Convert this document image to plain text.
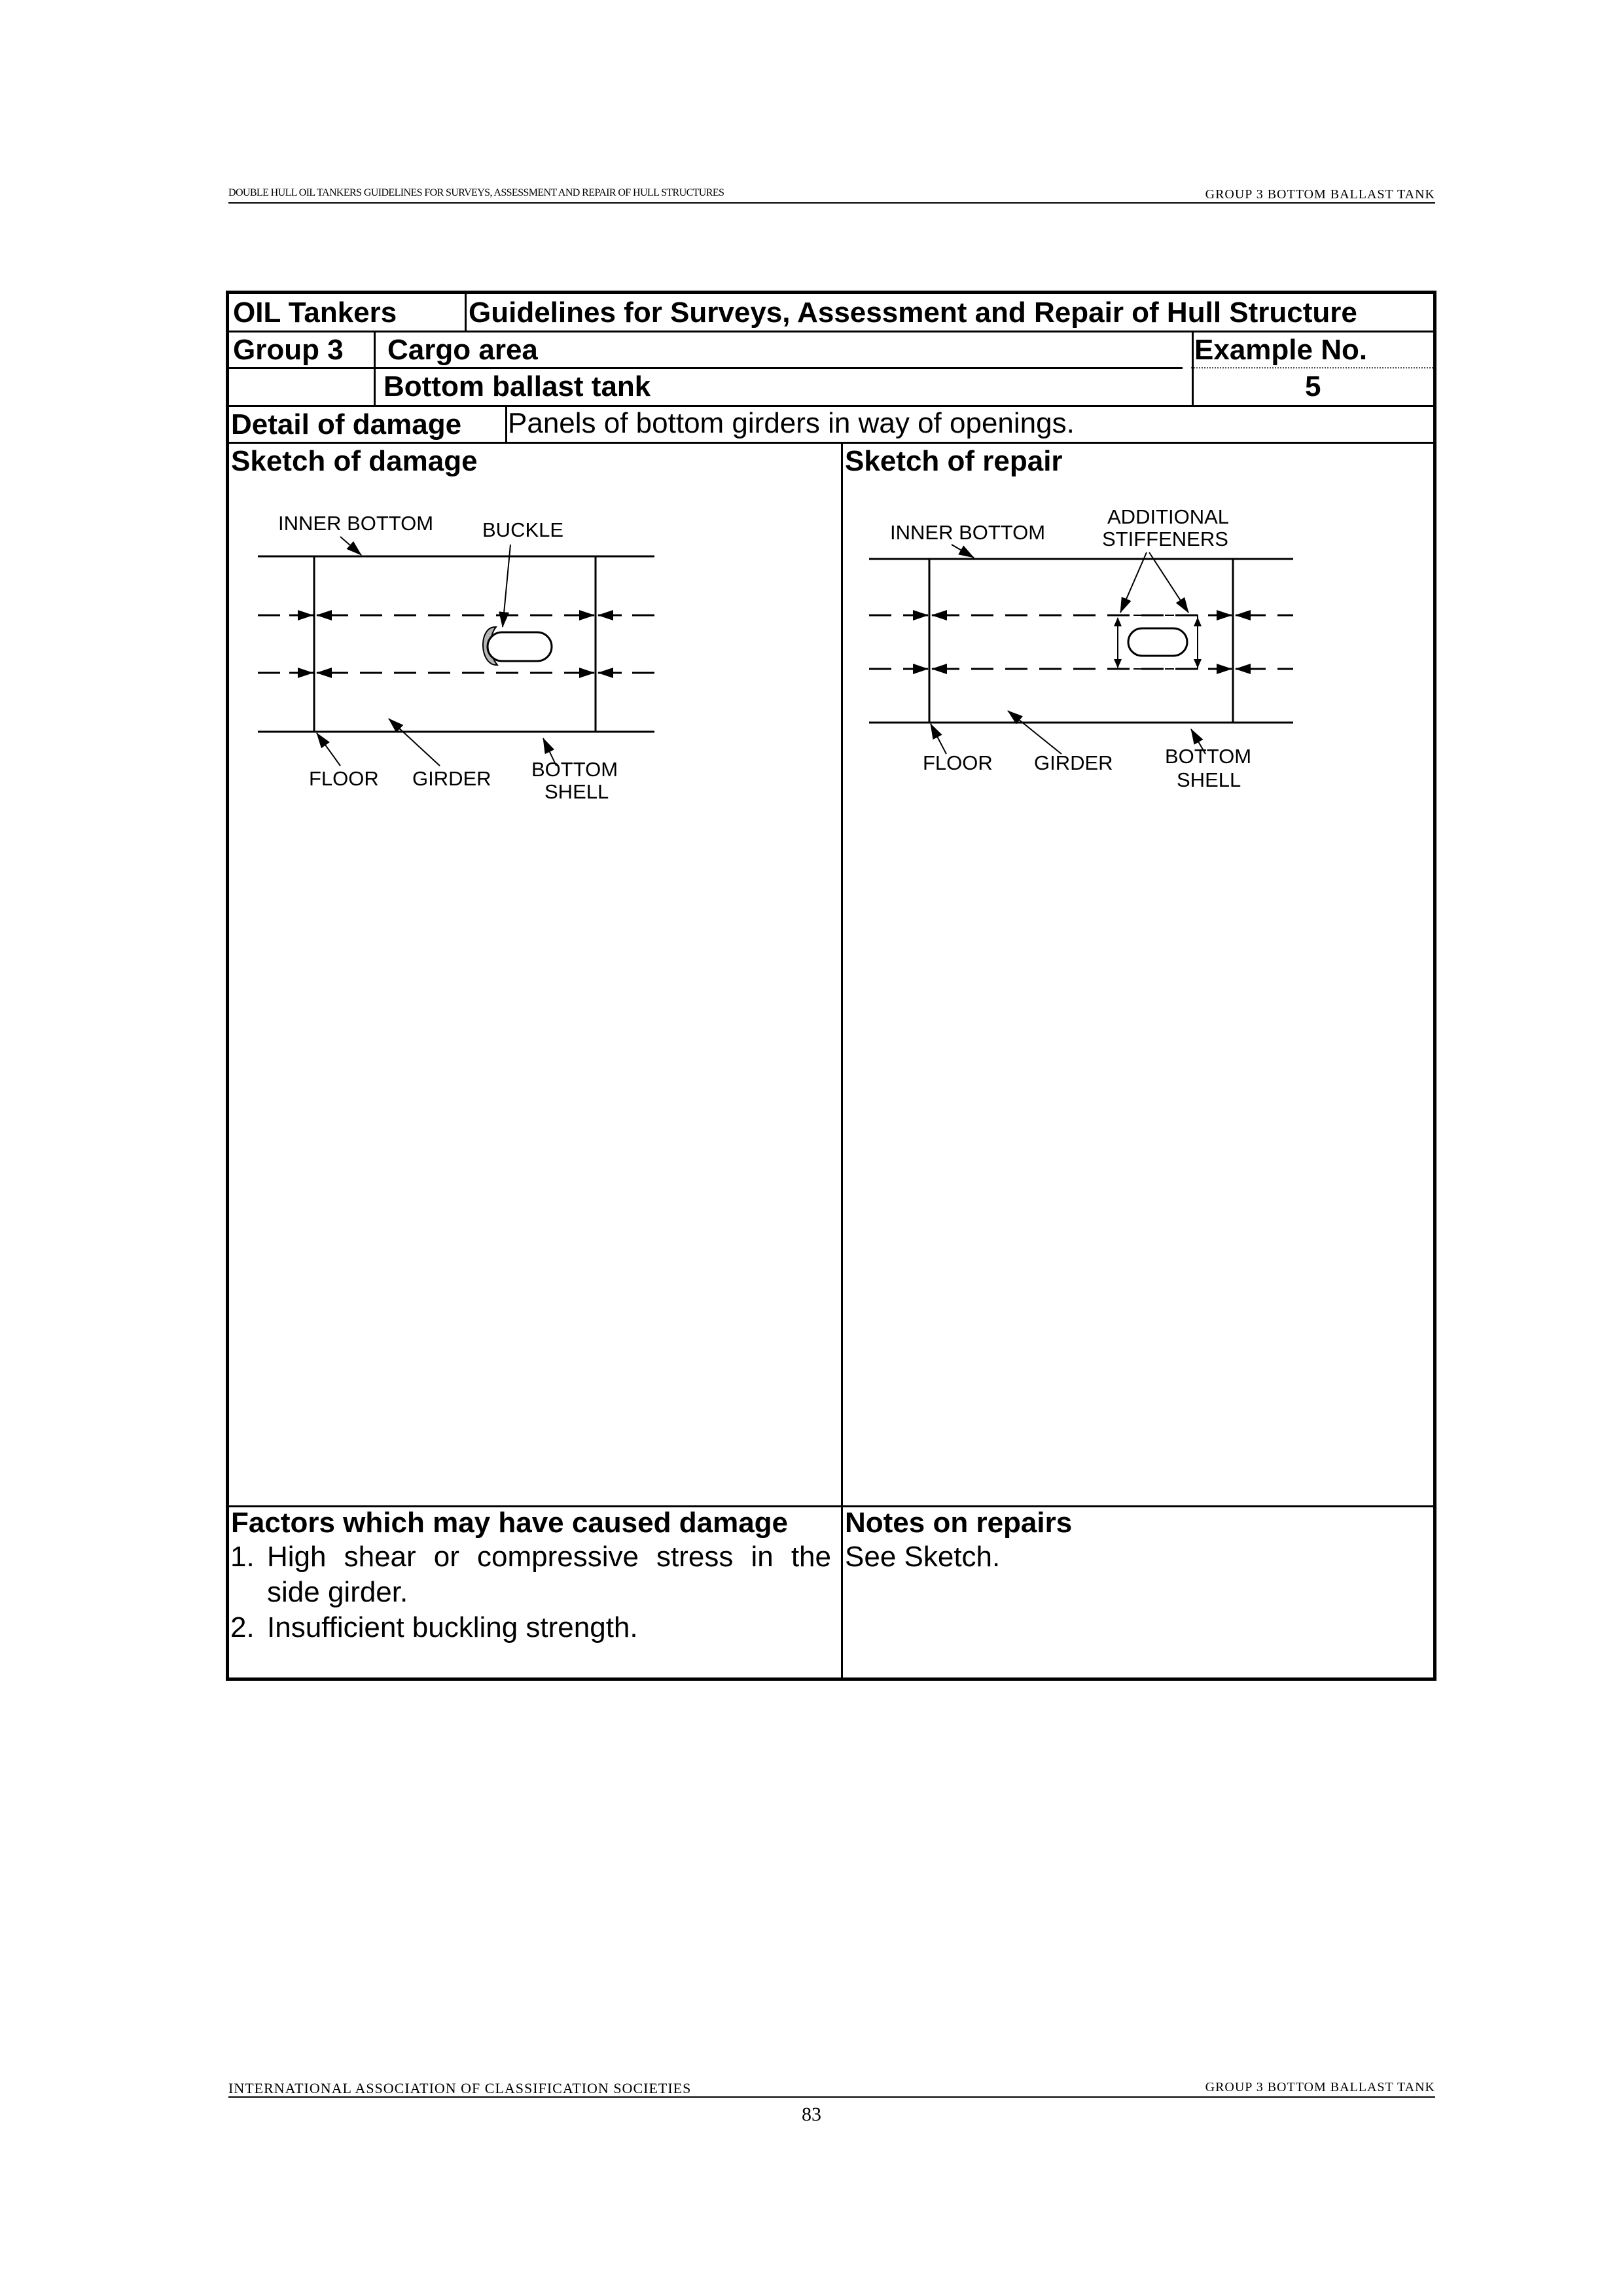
DOUBLE HULL OIL TANKERS GUIDELINES FOR SURVEYS, ASSESSMENT AND REPAIR OF HULL STRUCTURES	GROUP 3 BOTTOM BALLAST TANK
OIL Tankers Guidelines for Surveys, Assessment and Repair of Hull Structure
Group 3 Cargo area	Example No.
Bottom ballast tank	5
Detail of damage Panels of bottom girders in way of openings.
Sketch of damage	Sketch of repair
INNER BOTTOM BUCKLE
FLOOR GIRDER BOTTOM
SHELL
INNER BOTTOM
ADDITIONAL
STIFFENERS
FLOOR GIRDER	BOTTOM
SHELL
Factors which may have caused damage
1. High shear or compressive stress in the side girder.
2. Insufficient buckling strength.
Notes on repairs
See Sketch.
INTERNATIONAL ASSOCIATION OF CLASSIFICATION SOCIETIES	GROUP 3 BOTTOM BALLAST TANK
83
